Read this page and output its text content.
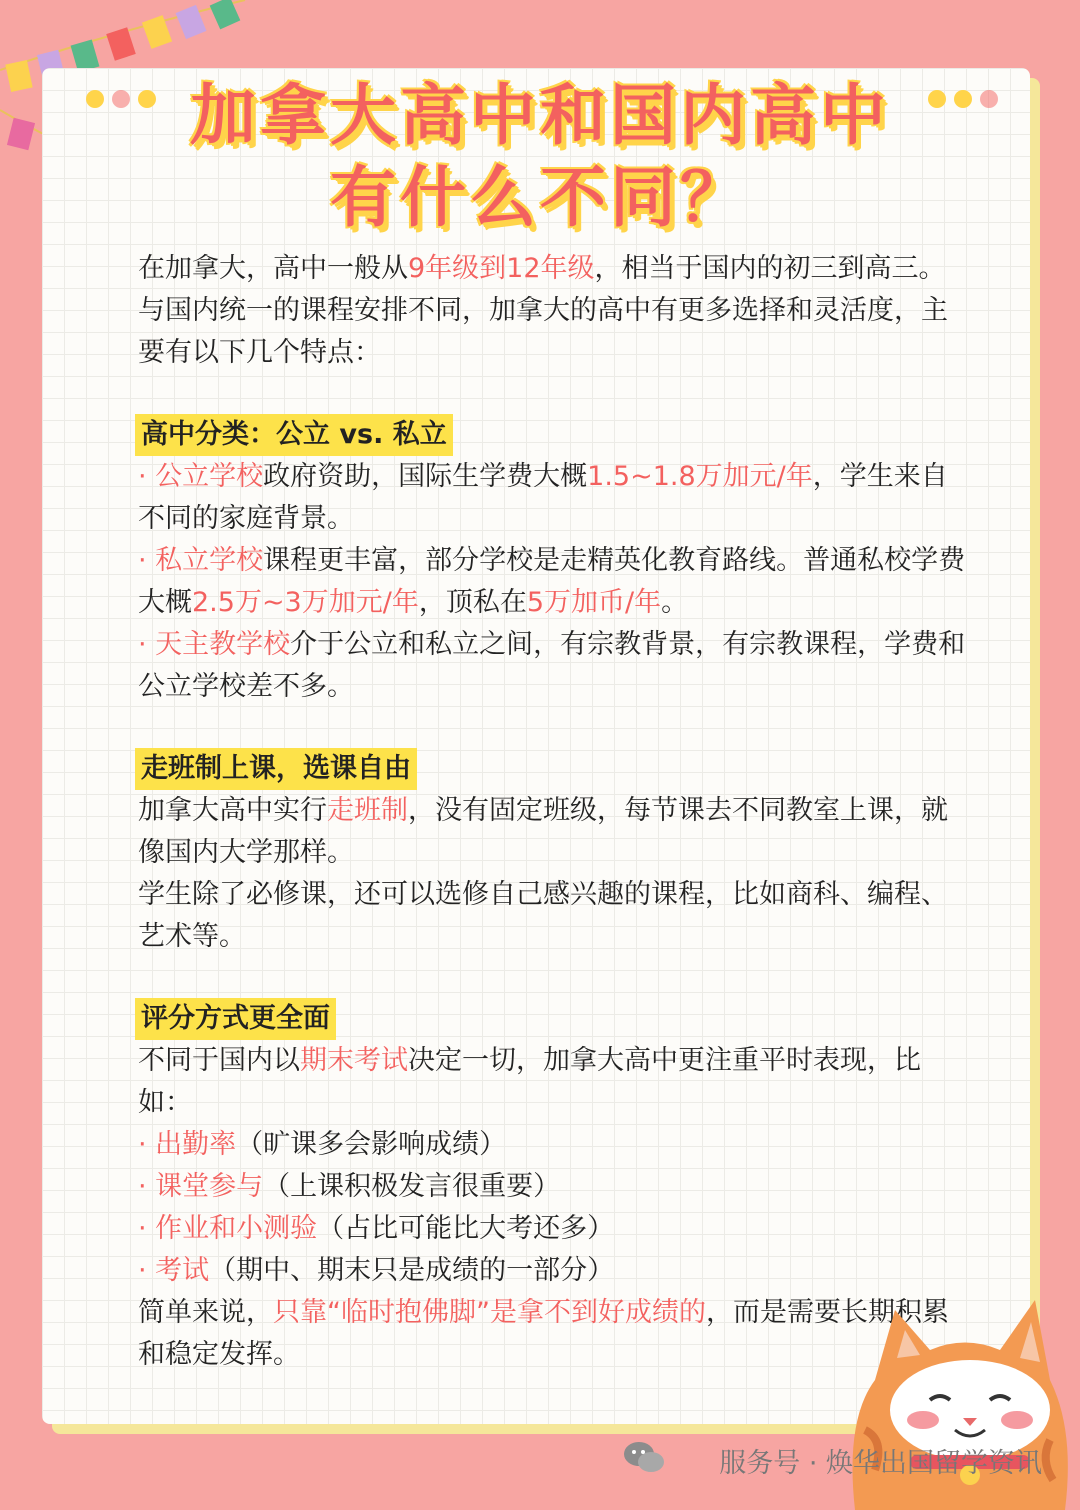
加拿大高中和国内高中
有什么不同？

在加拿大，高中一般从9年级到12年级，相当于国内的初三到高三。与国内统一的课程安排不同，加拿大的高中有更多选择和灵活度，主要有以下几个特点：

高中分类：公立 vs. 私立

· 公立学校政府资助，国际生学费大概1.5~1.8万加元/年，学生来自不同的家庭背景。

· 私立学校课程更丰富，部分学校是走精英化教育路线。普通私校学费大概2.5万~3万加元/年，顶私在5万加币/年。

· 天主教学校介于公立和私立之间，有宗教背景，有宗教课程，学费和公立学校差不多。

走班制上课，选课自由

加拿大高中实行走班制，没有固定班级，每节课去不同教室上课，就像国内大学那样。

学生除了必修课，还可以选修自己感兴趣的课程，比如商科、编程、艺术等。

评分方式更全面

不同于国内以期末考试决定一切，加拿大高中更注重平时表现，比如：

· 出勤率（旷课多会影响成绩）

· 课堂参与（上课积极发言很重要）

· 作业和小测验（占比可能比大考还多）

· 考试（期中、期末只是成绩的一部分）

简单来说，只靠“临时抱佛脚”是拿不到好成绩的，而是需要长期积累和稳定发挥。

服务号 · 焕华出国留学资讯
